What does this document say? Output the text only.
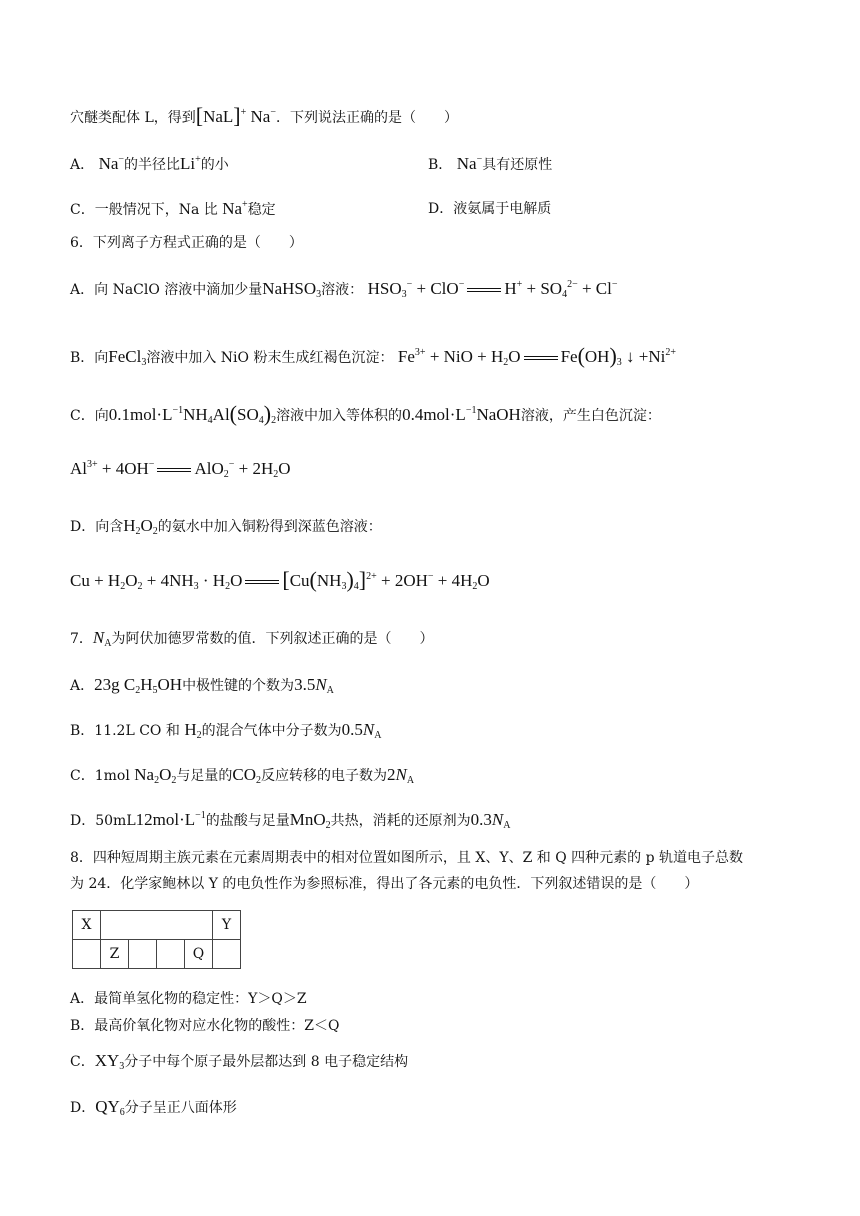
穴醚类配体 L，得到[NaL]+ Na−．下列说法正确的是（　　）
A． Na−的半径比Li+的小	B． Na−具有还原性
C．一般情况下，Na 比 Na+稳定	D．液氨属于电解质
6．下列离子方程式正确的是（　　）
A．向 NaClO 溶液中滴加少量NaHSO$_3$溶液： $HSO_3^- + ClO^-$ $H^+ + SO_4^{2-} + Cl^-$
B．向FeCl$_3$溶液中加入 NiO 粉末生成红褐色沉淀： $Fe^{3+}$ + NiO + $H_2O$ $Fe(OH)_3$ ↓ $+Ni^{2+}$
C．向$0.1mol\cdot L^{-1}NH_4Al(SO_4)_2$溶液中加入等体积的$0.4mol\cdot L^{-1}NaOH$溶液，产生白色沉淀：
$Al^{3+} + 4OH^-$ $AlO_2^- + 2H_2O$
D．向含$H_2O_2$的氨水中加入铜粉得到深蓝色溶液：
$Cu + H_2O_2 + 4NH_3 \cdot H_2O$ $[Cu(NH_3)_4]^{2+} + 2OH^- + 4H_2O$
7．$N_A$为阿伏加德罗常数的值．下列叙述正确的是（　　）
A．23g $C_2H_5OH$中极性键的个数为$3.5N_A$
B．11.2L CO 和 $H_2$的混合气体中分子数为$0.5N_A$
C．1mol $Na_2O_2$与足量的$CO_2$反应转移的电子数为$2N_A$
D．$50mL12mol\cdot L^{-1}$的盐酸与足量MnO$_2$共热，消耗的还原剂为$0.3N_A$
8．四种短周期主族元素在元素周期表中的相对位置如图所示，且 X、Y、Z 和 Q 四种元素的 p 轨道电子总数
为 24．化学家鲍林以 Y 的电负性作为参照标准，得出了各元素的电负性．下列叙述错误的是（　　）
X					Y
	Z			Q	
A．最简单氢化物的稳定性：Y＞Q＞Z
B．最高价氧化物对应水化物的酸性：Z＜Q
C．$XY_3$分子中每个原子最外层都达到 8 电子稳定结构
D．$QY_6$分子呈正八面体形
